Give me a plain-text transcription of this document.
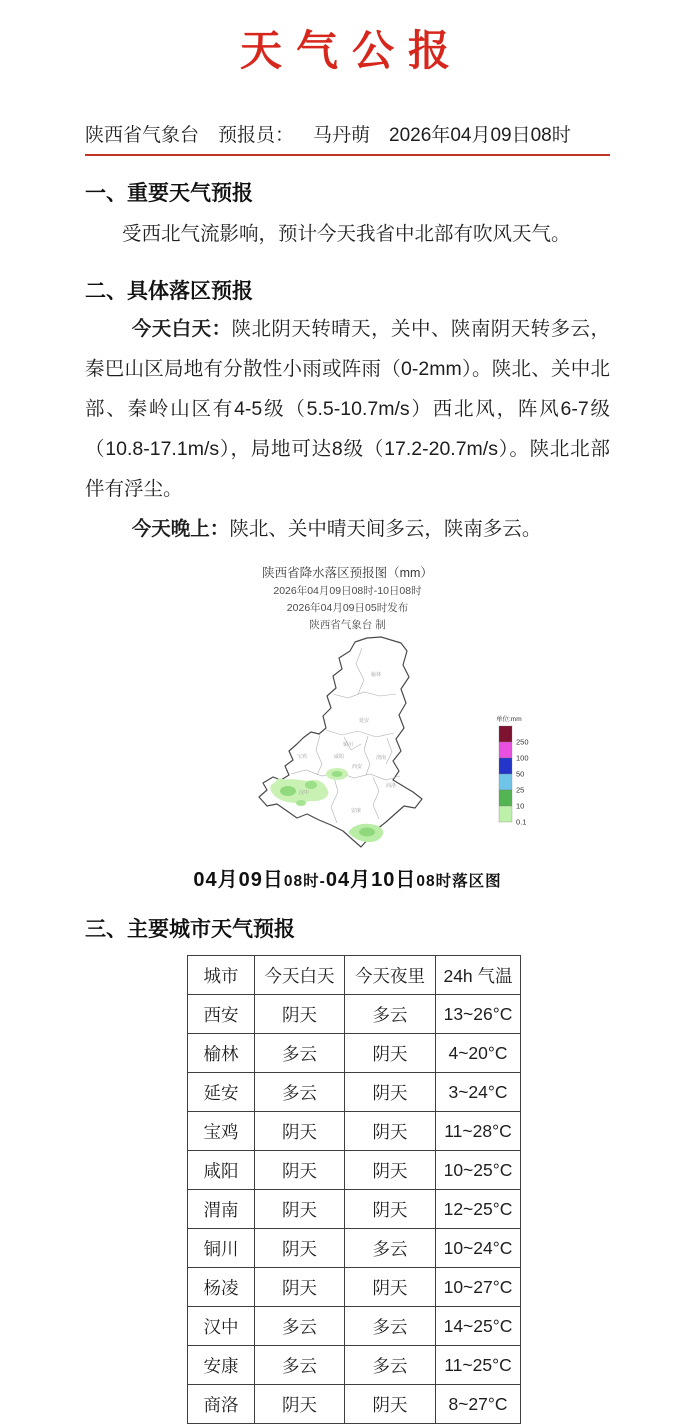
天气公报
陕西省气象台 预报员： 马丹萌 2026年04月09日08时
一、重要天气预报
受西北气流影响，预计今天我省中北部有吹风天气。
二、具体落区预报
今天白天：陕北阴天转晴天，关中、陕南阴天转多云，秦巴山区局地有分散性小雨或阵雨（0-2mm）。陕北、关中北部、秦岭山区有4-5级（5.5-10.7m/s）西北风，阵风6-7级（10.8-17.1m/s），局地可达8级（17.2-20.7m/s）。陕北北部伴有浮尘。
今天晚上：陕北、关中晴天间多云，陕南多云。
陕西省降水落区预报图（mm）
2026年04月09日08时-10日08时
2026年04月09日05时发布
陕西省气象台 制
榆林
延安
铜川
咸阳	渭南
西安
宝鸡
汉中
安康
商洛
单位:mm
250
100
50
25
10
0.1
04月09日08时-04月10日08时落区图
三、主要城市天气预报
城市	今天白天	今天夜里	24h 气温
西安	阴天	多云	13~26°C
榆林	多云	阴天	4~20°C
延安	多云	阴天	3~24°C
宝鸡	阴天	阴天	11~28°C
咸阳	阴天	阴天	10~25°C
渭南	阴天	阴天	12~25°C
铜川	阴天	多云	10~24°C
杨凌	阴天	阴天	10~27°C
汉中	多云	多云	14~25°C
安康	多云	多云	11~25°C
商洛	阴天	阴天	8~27°C
